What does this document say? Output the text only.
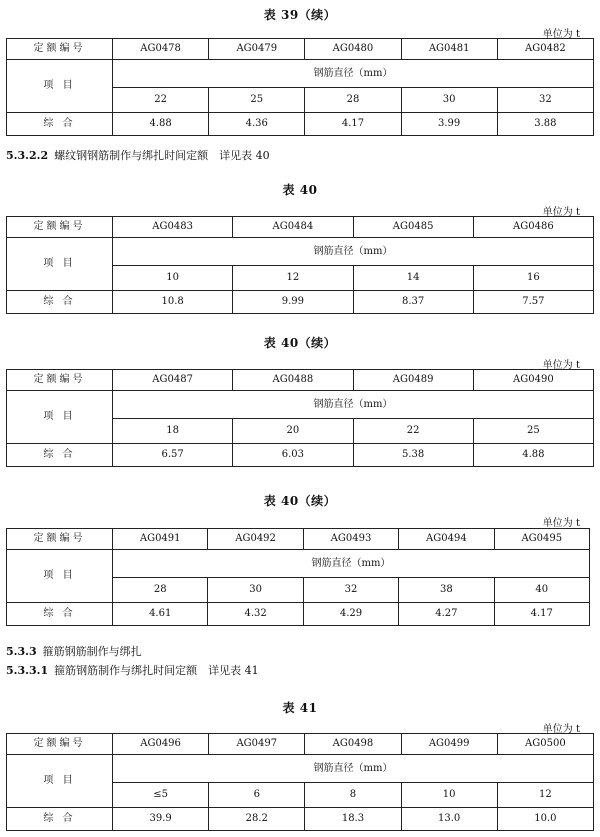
表 39（续）
单位为 t
定额编号	AG0478	AG0479	AG0480	AG0481	AG0482
项 目	钢筋直径（mm）				
	22	25	28	30	32
综 合	4.88	4.36	4.17	3.99	3.88
5.3.2.2 螺纹钢钢筋制作与绑扎时间定额　详见表 40
表 40
单位为 t
定额编号	AG0483	AG0484	AG0485	AG0486
项 目	钢筋直径（mm）			
	10	12	14	16
综 合	10.8	9.99	8.37	7.57
表 40（续）
单位为 t
定额编号	AG0487	AG0488	AG0489	AG0490
项 目	钢筋直径（mm）			
	18	20	22	25
综 合	6.57	6.03	5.38	4.88
表 40（续）
单位为 t
定额编号	AG0491	AG0492	AG0493	AG0494	AG0495
项 目	钢筋直径（mm）				
	28	30	32	38	40
综 合	4.61	4.32	4.29	4.27	4.17
5.3.3 箍筋钢筋制作与绑扎
5.3.3.1 箍筋钢筋制作与绑扎时间定额　详见表 41
表 41
单位为 t
定额编号	AG0496	AG0497	AG0498	AG0499	AG0500
项 目	钢筋直径（mm）				
	≤5	6	8	10	12
综 合	39.9	28.2	18.3	13.0	10.0
